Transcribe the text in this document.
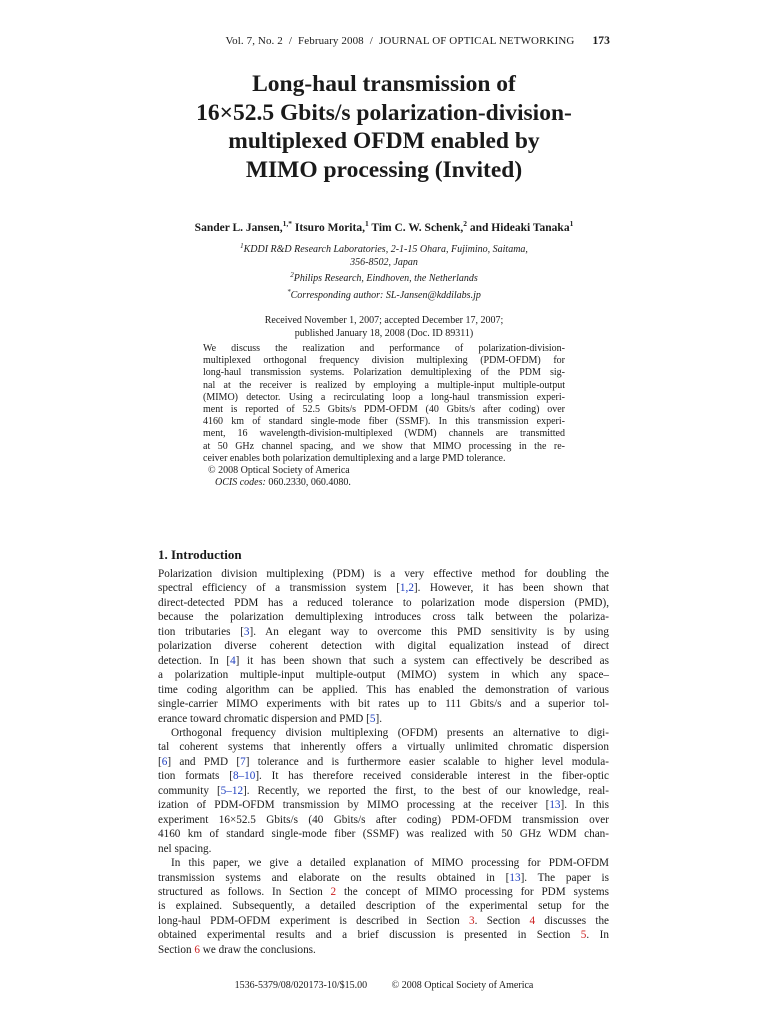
Vol. 7, No. 2 / February 2008 / JOURNAL OF OPTICAL NETWORKING 173
Long-haul transmission of
16×52.5 Gbits/s polarization-division-
multiplexed OFDM enabled by
MIMO processing (Invited)
Sander L. Jansen,$^{1,*}$ Itsuro Morita,$^1$ Tim C. W. Schenk,$^2$ and Hideaki Tanaka$^1$
$^1$KDDI R&D Research Laboratories, 2-1-15 Ohara, Fujimino, Saitama,
356-8502, Japan
$^2$Philips Research, Eindhoven, the Netherlands
*Corresponding author: SL-Jansen@kddilabs.jp
Received November 1, 2007; accepted December 17, 2007;
published January 18, 2008 (Doc. ID 89311)
We discuss the realization and performance of polarization-division-
multiplexed orthogonal frequency division multiplexing (PDM-OFDM) for
long-haul transmission systems. Polarization demultiplexing of the PDM sig-
nal at the receiver is realized by employing a multiple-input multiple-output
(MIMO) detector. Using a recirculating loop a long-haul transmission experi-
ment is reported of 52.5 Gbits/s PDM-OFDM (40 Gbits/s after coding) over
4160 km of standard single-mode fiber (SSMF). In this transmission experi-
ment, 16 wavelength-division-multiplexed (WDM) channels are transmitted
at 50 GHz channel spacing, and we show that MIMO processing in the re-
ceiver enables both polarization demultiplexing and a large PMD tolerance.
© 2008 Optical Society of America
OCIS codes: 060.2330, 060.4080.
1. Introduction
Polarization division multiplexing (PDM) is a very effective method for doubling the
spectral efficiency of a transmission system [1,2]. However, it has been shown that
direct-detected PDM has a reduced tolerance to polarization mode dispersion (PMD),
because the polarization demultiplexing introduces cross talk between the polariza-
tion tributaries [3]. An elegant way to overcome this PMD sensitivity is by using
polarization diverse coherent detection with digital equalization instead of direct
detection. In [4] it has been shown that such a system can effectively be described as
a polarization multiple-input multiple-output (MIMO) system in which any space–
time coding algorithm can be applied. This has enabled the demonstration of various
single-carrier MIMO experiments with bit rates up to 111 Gbits/s and a superior tol-
erance toward chromatic dispersion and PMD [5].
Orthogonal frequency division multiplexing (OFDM) presents an alternative to digi-
tal coherent systems that inherently offers a virtually unlimited chromatic dispersion
[6] and PMD [7] tolerance and is furthermore easier scalable to higher level modula-
tion formats [8–10]. It has therefore received considerable interest in the fiber-optic
community [5–12]. Recently, we reported the first, to the best of our knowledge, real-
ization of PDM-OFDM transmission by MIMO processing at the receiver [13]. In this
experiment 16×52.5 Gbits/s (40 Gbits/s after coding) PDM-OFDM transmission over
4160 km of standard single-mode fiber (SSMF) was realized with 50 GHz WDM chan-
nel spacing.
In this paper, we give a detailed explanation of MIMO processing for PDM-OFDM
transmission systems and elaborate on the results obtained in [13]. The paper is
structured as follows. In Section 2 the concept of MIMO processing for PDM systems
is explained. Subsequently, a detailed description of the experimental setup for the
long-haul PDM-OFDM experiment is described in Section 3. Section 4 discusses the
obtained experimental results and a brief discussion is presented in Section 5. In
Section 6 we draw the conclusions.
1536-5379/08/020173-10/$15.00 © 2008 Optical Society of America
